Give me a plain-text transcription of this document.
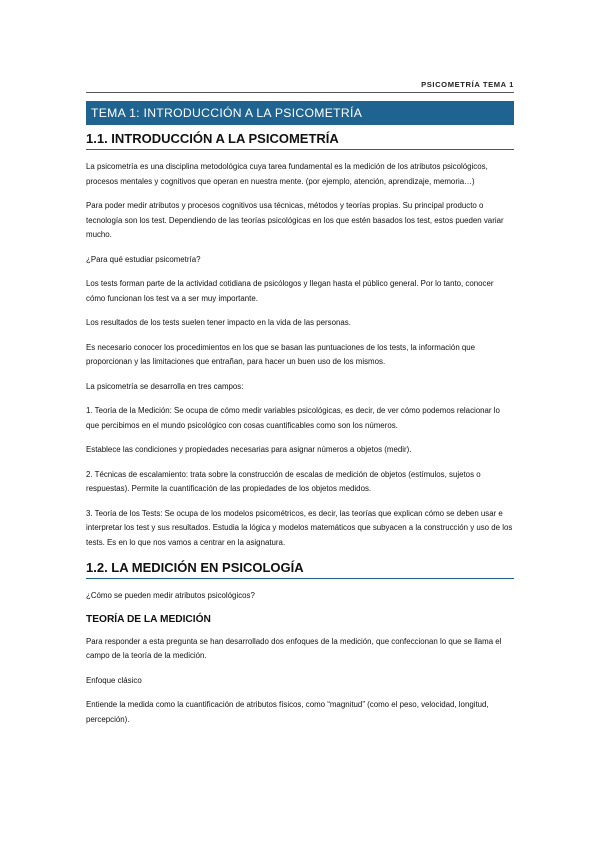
PSICOMETRÍA TEMA 1
TEMA 1: INTRODUCCIÓN A LA PSICOMETRÍA
1.1. INTRODUCCIÓN A LA PSICOMETRÍA

La psicometría es una disciplina metodológica cuya tarea fundamental es la medición de los atributos psicológicos, procesos mentales y cognitivos que operan en nuestra mente. (por ejemplo, atención, aprendizaje, memoria…)

Para poder medir atributos y procesos cognitivos usa técnicas, métodos y teorías propias. Su principal producto o tecnología son los test. Dependiendo de las teorías psicológicas en los que estén basados los test, estos pueden variar mucho.

¿Para qué estudiar psicometría?

Los tests forman parte de la actividad cotidiana de psicólogos y llegan hasta el público general. Por lo tanto, conocer cómo funcionan los test va a ser muy importante.

Los resultados de los tests suelen tener impacto en la vida de las personas.

Es necesario conocer los procedimientos en los que se basan las puntuaciones de los tests, la información que proporcionan y las limitaciones que entrañan, para hacer un buen uso de los mismos.

La psicometría se desarrolla en tres campos:

1. Teoría de la Medición: Se ocupa de cómo medir variables psicológicas, es decir, de ver cómo podemos relacionar lo que percibimos en el mundo psicológico con cosas cuantificables como son los números.

Establece las condiciones y propiedades necesarias para asignar números a objetos (medir).

2. Técnicas de escalamiento: trata sobre la construcción de escalas de medición de objetos (estímulos, sujetos o respuestas). Permite la cuantificación de las propiedades de los objetos medidos.

3. Teoría de los Tests: Se ocupa de los modelos psicométricos, es decir, las teorías que explican cómo se deben usar e interpretar los test y sus resultados. Estudia la lógica y modelos matemáticos que subyacen a la construcción y uso de los tests. Es en lo que nos vamos a centrar en la asignatura.

1.2. LA MEDICIÓN EN PSICOLOGÍA

¿Cómo se pueden medir atributos psicológicos?

TEORÍA DE LA MEDICIÓN

Para responder a esta pregunta se han desarrollado dos enfoques de la medición, que confeccionan lo que se llama el campo de la teoría de la medición.

Enfoque clásico

Entiende la medida como la cuantificación de atributos físicos, como “magnitud” (como el peso, velocidad, longitud, percepción).
